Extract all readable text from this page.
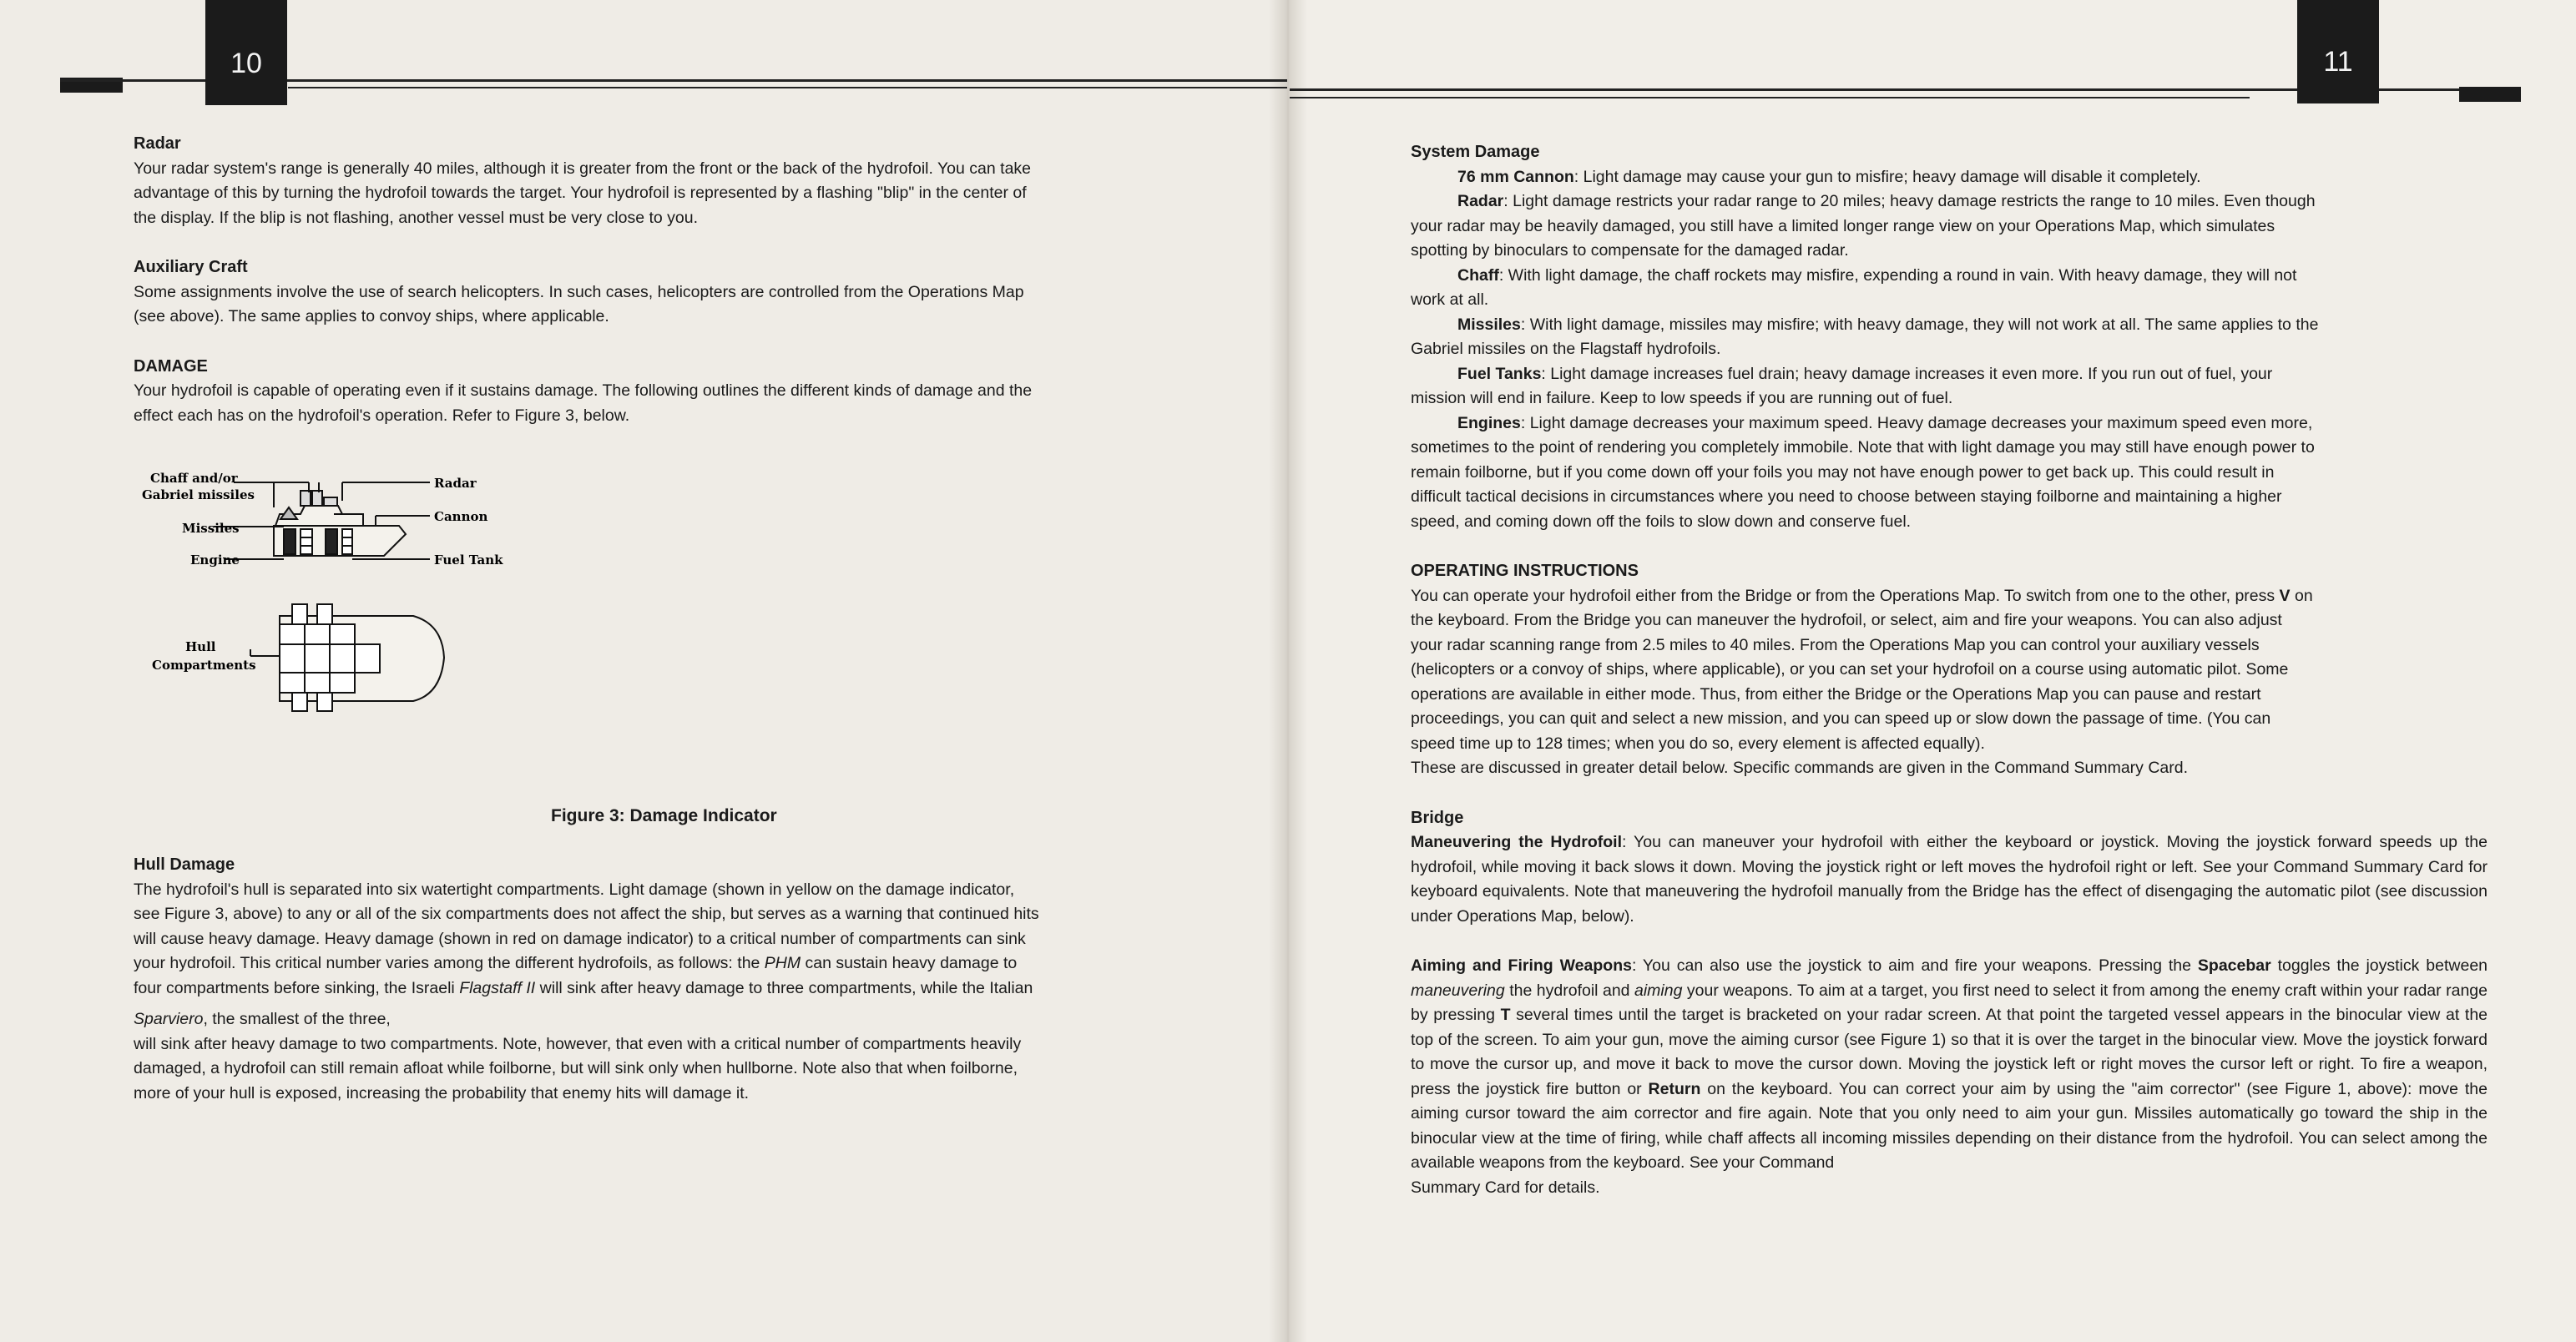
10	11

Radar

Your radar system's range is generally 40 miles, although it is greater from the front or the back of the hydrofoil. You can take

advantage of this by turning the hydrofoil towards the target. Your hydrofoil is represented by a flashing "blip" in the center of

the display. If the blip is not flashing, another vessel must be very close to you.

Auxiliary Craft

Some assignments involve the use of search helicopters. In such cases, helicopters are controlled from the Operations Map

(see above). The same applies to convoy ships, where applicable.

DAMAGE

Your hydrofoil is capable of operating even if it sustains damage. The following outlines the different kinds of damage and the

effect each has on the hydrofoil's operation. Refer to Figure 3, below.

Chaff and/or
Gabriel missiles
Missiles
Engine
Radar
Cannon
Fuel Tank
Hull
Compartments
Figure 3: Damage Indicator

Hull Damage

The hydrofoil's hull is separated into six watertight compartments. Light damage (shown in yellow on the damage indicator,

see Figure 3, above) to any or all of the six compartments does not affect the ship, but serves as a warning that continued hits

will cause heavy damage. Heavy damage (shown in red on damage indicator) to a critical number of compartments can sink

your hydrofoil. This critical number varies among the different hydrofoils, as follows: the PHM can sustain heavy damage to

four compartments before sinking, the Israeli Flagstaff II will sink after heavy damage to three compartments, while the Italian

Sparviero, the smallest of the three,

will sink after heavy damage to two compartments. Note, however, that even with a critical number of compartments heavily

damaged, a hydrofoil can still remain afloat while foilborne, but will sink only when hullborne. Note also that when foilborne,

more of your hull is exposed, increasing the probability that enemy hits will damage it.

System Damage

76 mm Cannon: Light damage may cause your gun to misfire; heavy damage will disable it completely.

Radar: Light damage restricts your radar range to 20 miles; heavy damage restricts the range to 10 miles. Even though

your radar may be heavily damaged, you still have a limited longer range view on your Operations Map, which simulates

spotting by binoculars to compensate for the damaged radar.

Chaff: With light damage, the chaff rockets may misfire, expending a round in vain. With heavy damage, they will not

work at all.

Missiles: With light damage, missiles may misfire; with heavy damage, they will not work at all. The same applies to the

Gabriel missiles on the Flagstaff hydrofoils.

Fuel Tanks: Light damage increases fuel drain; heavy damage increases it even more. If you run out of fuel, your

mission will end in failure. Keep to low speeds if you are running out of fuel.

Engines: Light damage decreases your maximum speed. Heavy damage decreases your maximum speed even more,

sometimes to the point of rendering you completely immobile. Note that with light damage you may still have enough power to

remain foilborne, but if you come down off your foils you may not have enough power to get back up. This could result in

difficult tactical decisions in circumstances where you need to choose between staying foilborne and maintaining a higher

speed, and coming down off the foils to slow down and conserve fuel.

OPERATING INSTRUCTIONS

You can operate your hydrofoil either from the Bridge or from the Operations Map. To switch from one to the other, press V on

the keyboard. From the Bridge you can maneuver the hydrofoil, or select, aim and fire your weapons. You can also adjust

your radar scanning range from 2.5 miles to 40 miles. From the Operations Map you can control your auxiliary vessels

(helicopters or a convoy of ships, where applicable), or you can set your hydrofoil on a course using automatic pilot. Some

operations are available in either mode. Thus, from either the Bridge or the Operations Map you can pause and restart

proceedings, you can quit and select a new mission, and you can speed up or slow down the passage of time. (You can

speed time up to 128 times; when you do so, every element is affected equally).

These are discussed in greater detail below. Specific commands are given in the Command Summary Card.

Bridge

Maneuvering the Hydrofoil: You can maneuver your hydrofoil with either the keyboard or joystick. Moving the joystick forward speeds up the hydrofoil, while moving it back slows it down. Moving the joystick right or left moves the hydrofoil right or left. See your Command Summary Card for keyboard equivalents. Note that maneuvering the hydrofoil manually from the Bridge has the effect of disengaging the automatic pilot (see discussion under Operations Map, below).

Aiming and Firing Weapons: You can also use the joystick to aim and fire your weapons. Pressing the Spacebar toggles the joystick between maneuvering the hydrofoil and aiming your weapons. To aim at a target, you first need to select it from among the enemy craft within your radar range by pressing T several times until the target is bracketed on your radar screen. At that point the targeted vessel appears in the binocular view at the top of the screen. To aim your gun, move the aiming cursor (see Figure 1) so that it is over the target in the binocular view. Move the joystick forward to move the cursor up, and move it back to move the cursor down. Moving the joystick left or right moves the cursor left or right. To fire a weapon, press the joystick fire button or Return on the keyboard. You can correct your aim by using the "aim corrector" (see Figure 1, above): move the aiming cursor toward the aim corrector and fire again. Note that you only need to aim your gun. Missiles automatically go toward the ship in the binocular view at the time of firing, while chaff affects all incoming missiles depending on their distance from the hydrofoil. You can select among the available weapons from the keyboard. See your Command

Summary Card for details.
